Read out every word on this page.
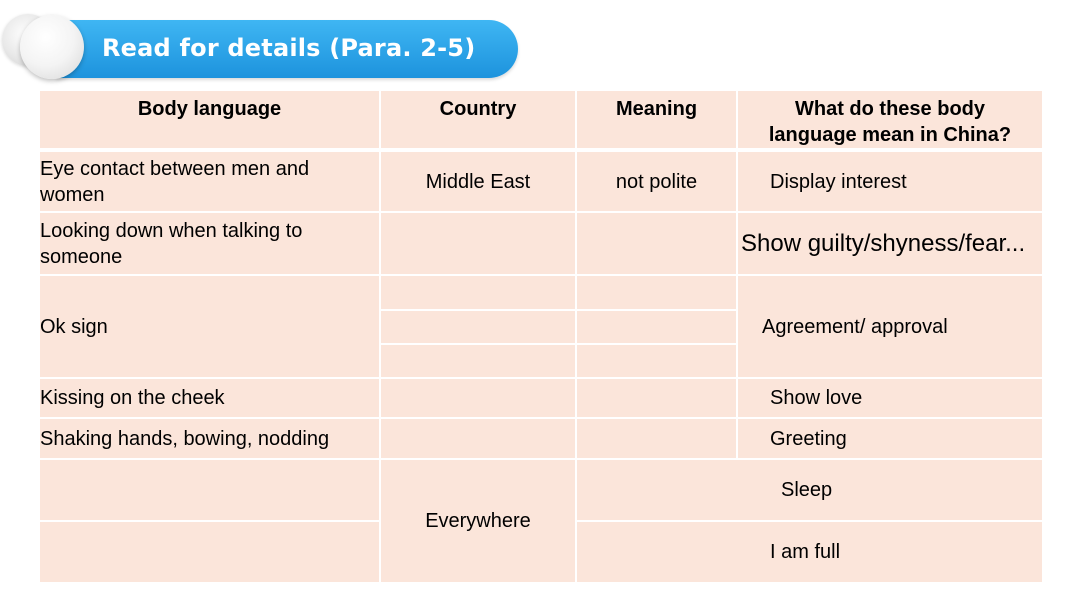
Read for details (Para. 2-5)
Body language	Country	Meaning	What do these body language mean in China?
Eye contact between men and women	Middle East	not polite	Display interest
Looking down when talking to someone			Show guilty/shyness/fear...
Ok sign			Agreement/ approval

Kissing on the cheek			Show love
Shaking hands, bowing, nodding			Greeting
	Everywhere	Sleep	
		I am full	
